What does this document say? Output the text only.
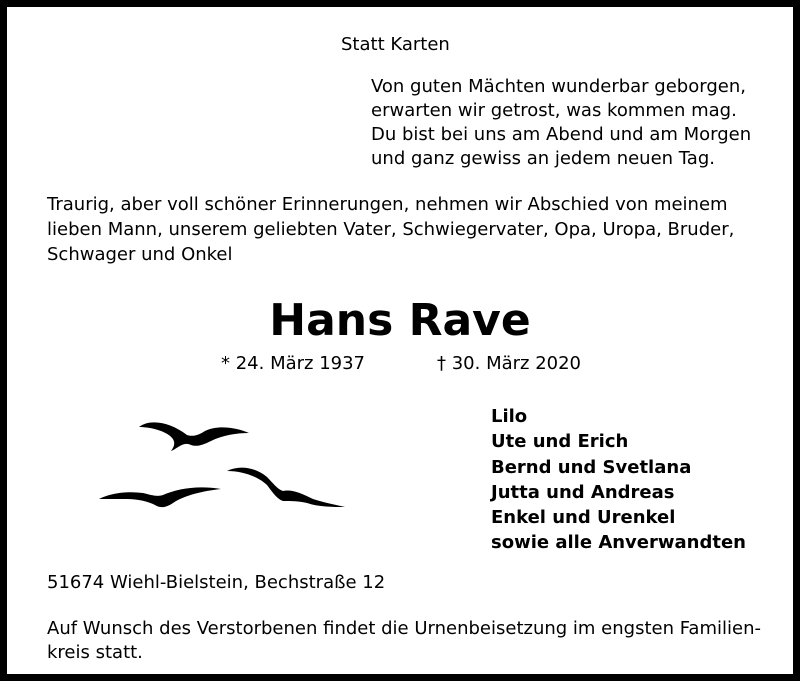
Statt Karten
Von guten Mächten wunderbar geborgen,
erwarten wir getrost, was kommen mag.
Du bist bei uns am Abend und am Morgen
und ganz gewiss an jedem neuen Tag.
Traurig, aber voll schöner Erinnerungen, nehmen wir Abschied von meinem
lieben Mann, unserem geliebten Vater, Schwiegervater, Opa, Uropa, Bruder,
Schwager und Onkel
Hans Rave
* 24. März 1937	† 30. März 2020
Lilo
Ute und Erich
Bernd und Svetlana
Jutta und Andreas
Enkel und Urenkel
sowie alle Anverwandten
51674 Wiehl-Bielstein, Bechstraße 12
Auf Wunsch des Verstorbenen findet die Urnenbeisetzung im engsten Familien-
kreis statt.
